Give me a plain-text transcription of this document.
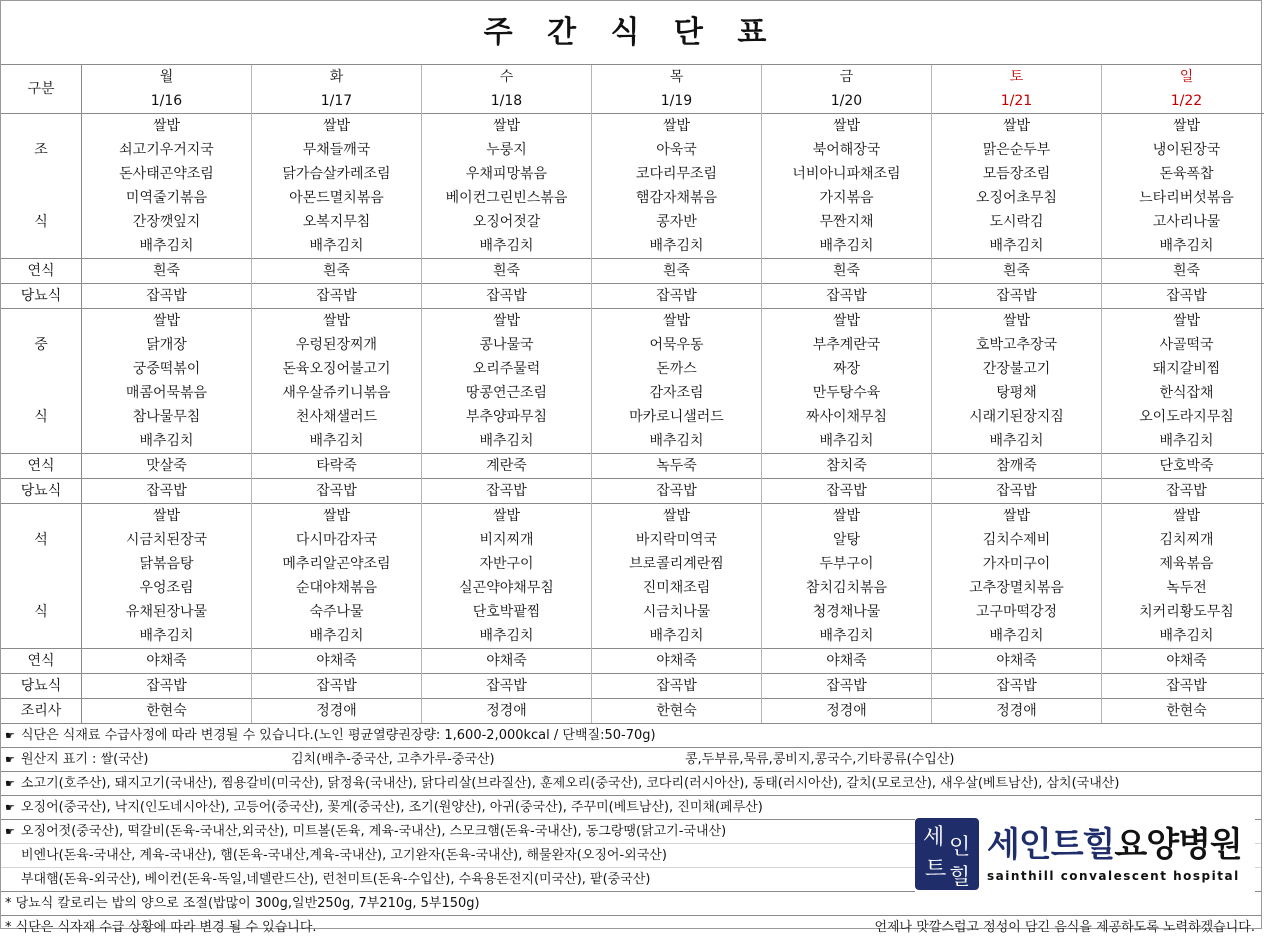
주 간 식 단 표
구분	월	화	수	목	금	토	일
	1/16	1/17	1/18	1/19	1/20	1/21	1/22
	쌀밥	쌀밥	쌀밥	쌀밥	쌀밥	쌀밥	쌀밥
조	쇠고기우거지국	무채들깨국	누룽지	아욱국	북어해장국	맑은순두부	냉이된장국
	돈사태곤약조림	닭가슴살카레조림	우채피망볶음	코다리무조림	너비아니파채조림	모듬장조림	돈육폭찹
	미역줄기볶음	아몬드멸치볶음	베이컨그린빈스볶음	햄감자채볶음	가지볶음	오징어초무침	느타리버섯볶음
식	간장깻잎지	오복지무침	오징어젓갈	콩자반	무짠지채	도시락김	고사리나물
	배추김치	배추김치	배추김치	배추김치	배추김치	배추김치	배추김치
연식	흰죽	흰죽	흰죽	흰죽	흰죽	흰죽	흰죽
당뇨식	잡곡밥	잡곡밥	잡곡밥	잡곡밥	잡곡밥	잡곡밥	잡곡밥
	쌀밥	쌀밥	쌀밥	쌀밥	쌀밥	쌀밥	쌀밥
중	닭개장	우렁된장찌개	콩나물국	어묵우동	부추계란국	호박고추장국	사골떡국
	궁중떡볶이	돈육오징어불고기	오리주물럭	돈까스	짜장	간장불고기	돼지갈비찜
	매콤어묵볶음	새우살쥬키니볶음	땅콩연근조림	감자조림	만두탕수육	탕평채	한식잡채
식	참나물무침	천사채샐러드	부추양파무침	마카로니샐러드	짜사이채무침	시래기된장지짐	오이도라지무침
	배추김치	배추김치	배추김치	배추김치	배추김치	배추김치	배추김치
연식	맛살죽	타락죽	계란죽	녹두죽	참치죽	참깨죽	단호박죽
당뇨식	잡곡밥	잡곡밥	잡곡밥	잡곡밥	잡곡밥	잡곡밥	잡곡밥
	쌀밥	쌀밥	쌀밥	쌀밥	쌀밥	쌀밥	쌀밥
석	시금치된장국	다시마감자국	비지찌개	바지락미역국	알탕	김치수제비	김치찌개
	닭볶음탕	메추리알곤약조림	자반구이	브로콜리계란찜	두부구이	가자미구이	제육볶음
	우엉조림	순대야채볶음	실곤약야채무침	진미채조림	참치김치볶음	고추장멸치볶음	녹두전
식	유채된장나물	숙주나물	단호박팥찜	시금치나물	청경채나물	고구마떡강정	치커리황도무침
	배추김치	배추김치	배추김치	배추김치	배추김치	배추김치	배추김치
연식	야채죽	야채죽	야채죽	야채죽	야채죽	야채죽	야채죽
당뇨식	잡곡밥	잡곡밥	잡곡밥	잡곡밥	잡곡밥	잡곡밥	잡곡밥
조리사	한현숙	정경애	정경애	한현숙	정경애	정경애	한현숙
☛ 식단은 식재료 수급사정에 따라 변경될 수 있습니다.(노인 평균열량권장량: 1,600-2,000kcal / 단백질:50-70g)
☛ 원산지 표기 : 쌀(국산)	김치(배추-중국산, 고추가루-중국산)	콩,두부류,묵류,콩비지,콩국수,기타콩류(수입산)
☛ 소고기(호주산), 돼지고기(국내산), 찜용갈비(미국산), 닭정육(국내산), 닭다리살(브라질산), 훈제오리(중국산), 코다리(러시아산), 동태(러시아산), 갈치(모로코산), 새우살(베트남산), 삼치(국내산)
☛ 오징어(중국산), 낙지(인도네시아산), 고등어(중국산), 꽃게(중국산), 조기(원양산), 아귀(중국산), 주꾸미(베트남산), 진미채(페루산)
☛ 오징어젓(중국산), 떡갈비(돈육-국내산,외국산), 미트볼(돈육, 계육-국내산), 스모크햄(돈육-국내산), 동그랑땡(닭고기-국내산)
비엔나(돈육-국내산, 계육-국내산), 햄(돈육-국내산,계육-국내산), 고기완자(돈육-국내산), 해물완자(오징어-외국산)
부대햄(돈육-외국산), 베이컨(돈육-독일,네델란드산), 런천미트(돈육-수입산), 수육용돈전지(미국산), 팥(중국산)
* 당뇨식 칼로리는 밥의 양으로 조절(밥많이 300g,일반250g, 7부210g, 5부150g)
* 식단은 식자재 수급 상황에 따라 변경 될 수 있습니다.	언제나 맛깔스럽고 정성이 담긴 음식을 제공하도록 노력하겠습니다.
세 인
트 힐
세인트힐요양병원
sainthill convalescent hospital
